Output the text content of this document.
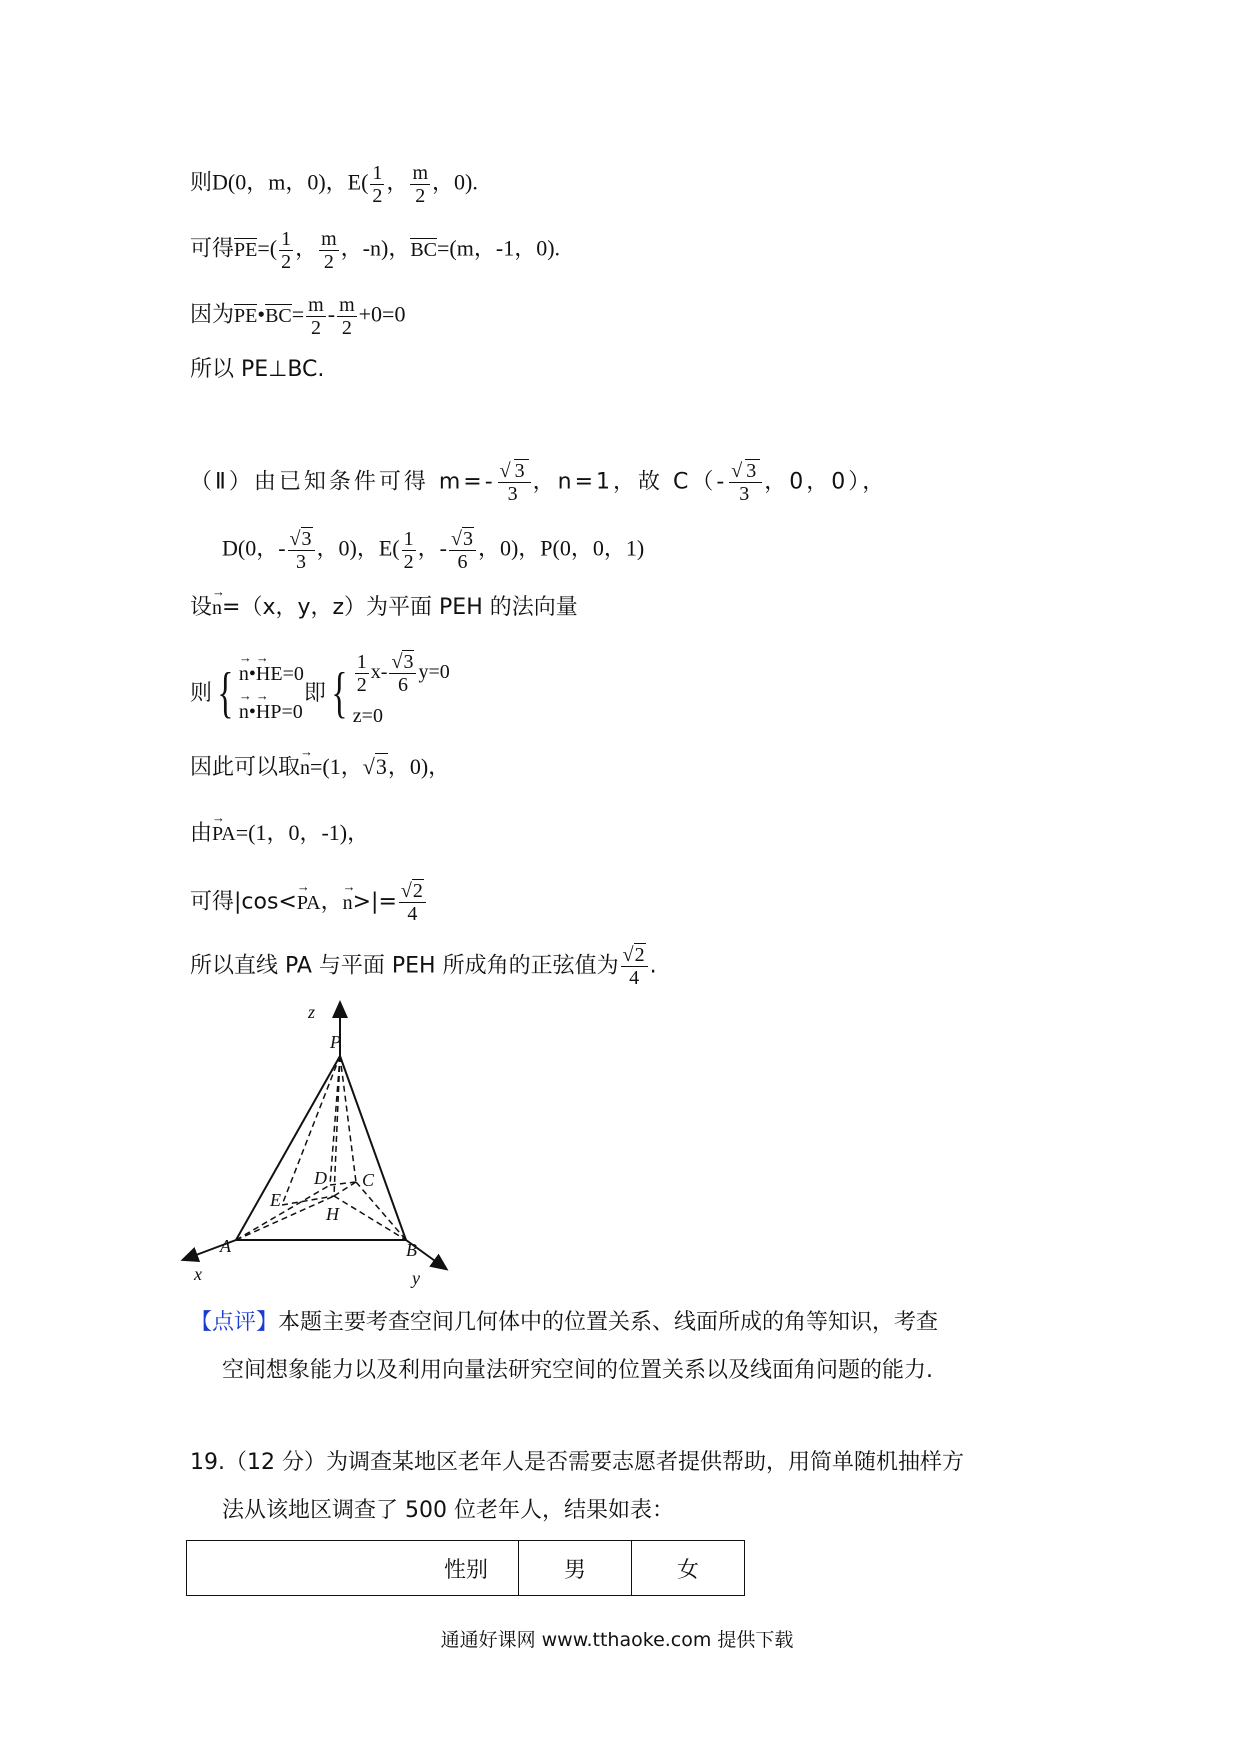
则D(0，m，0)，$E( \frac{1}{2}$ ， $\frac{m}{2}$ ，0).
可得$PE=( \frac{1}{2}$ ， $\frac{m}{2}$ ，-n)，BC=(m，-1，0).
因为PE•BC= $\frac{m}{2} - \frac{m}{2} +0=0$
所以 PE⊥BC.
（Ⅱ）由已知条件可得 $m=- \frac{√3}{3}$ ，n=1，故 $C(- \frac{√3}{3}$ ，0，0），
D(0，- $\frac{√3}{3}$ ，0)，$E( \frac{1}{2}$ ，- $\frac{√3}{6}$ ，0)，P(0，0，1)
设→ n=（x，y，z）为平面 PEH 的法向量
则 {
→ n•→ HE=0
→ n•→ HP=0
即 { $\frac{1}{2} x- \frac{√3}{6} y=0$
z=0
因此可以取→ n=(1，√3，0)，
由→ PA=(1，0，-1)，
可得|cos<→ PA，→ $n>|= \frac{√2}{4}$
所以直线 PA 与平面 PEH 所成角的正弦值为 $\frac{√2}{4}$ .
z
P
D C
E
H
A	B
x	y
【点评】本题主要考查空间几何体中的位置关系、线面所成的角等知识，考查
空间想象能力以及利用向量法研究空间的位置关系以及线面角问题的能力.
19.（12 分）为调查某地区老年人是否需要志愿者提供帮助，用简单随机抽样方
法从该地区调查了 500 位老年人，结果如表：
性别	男	女
通通好课网 www.tthaoke.com 提供下载
